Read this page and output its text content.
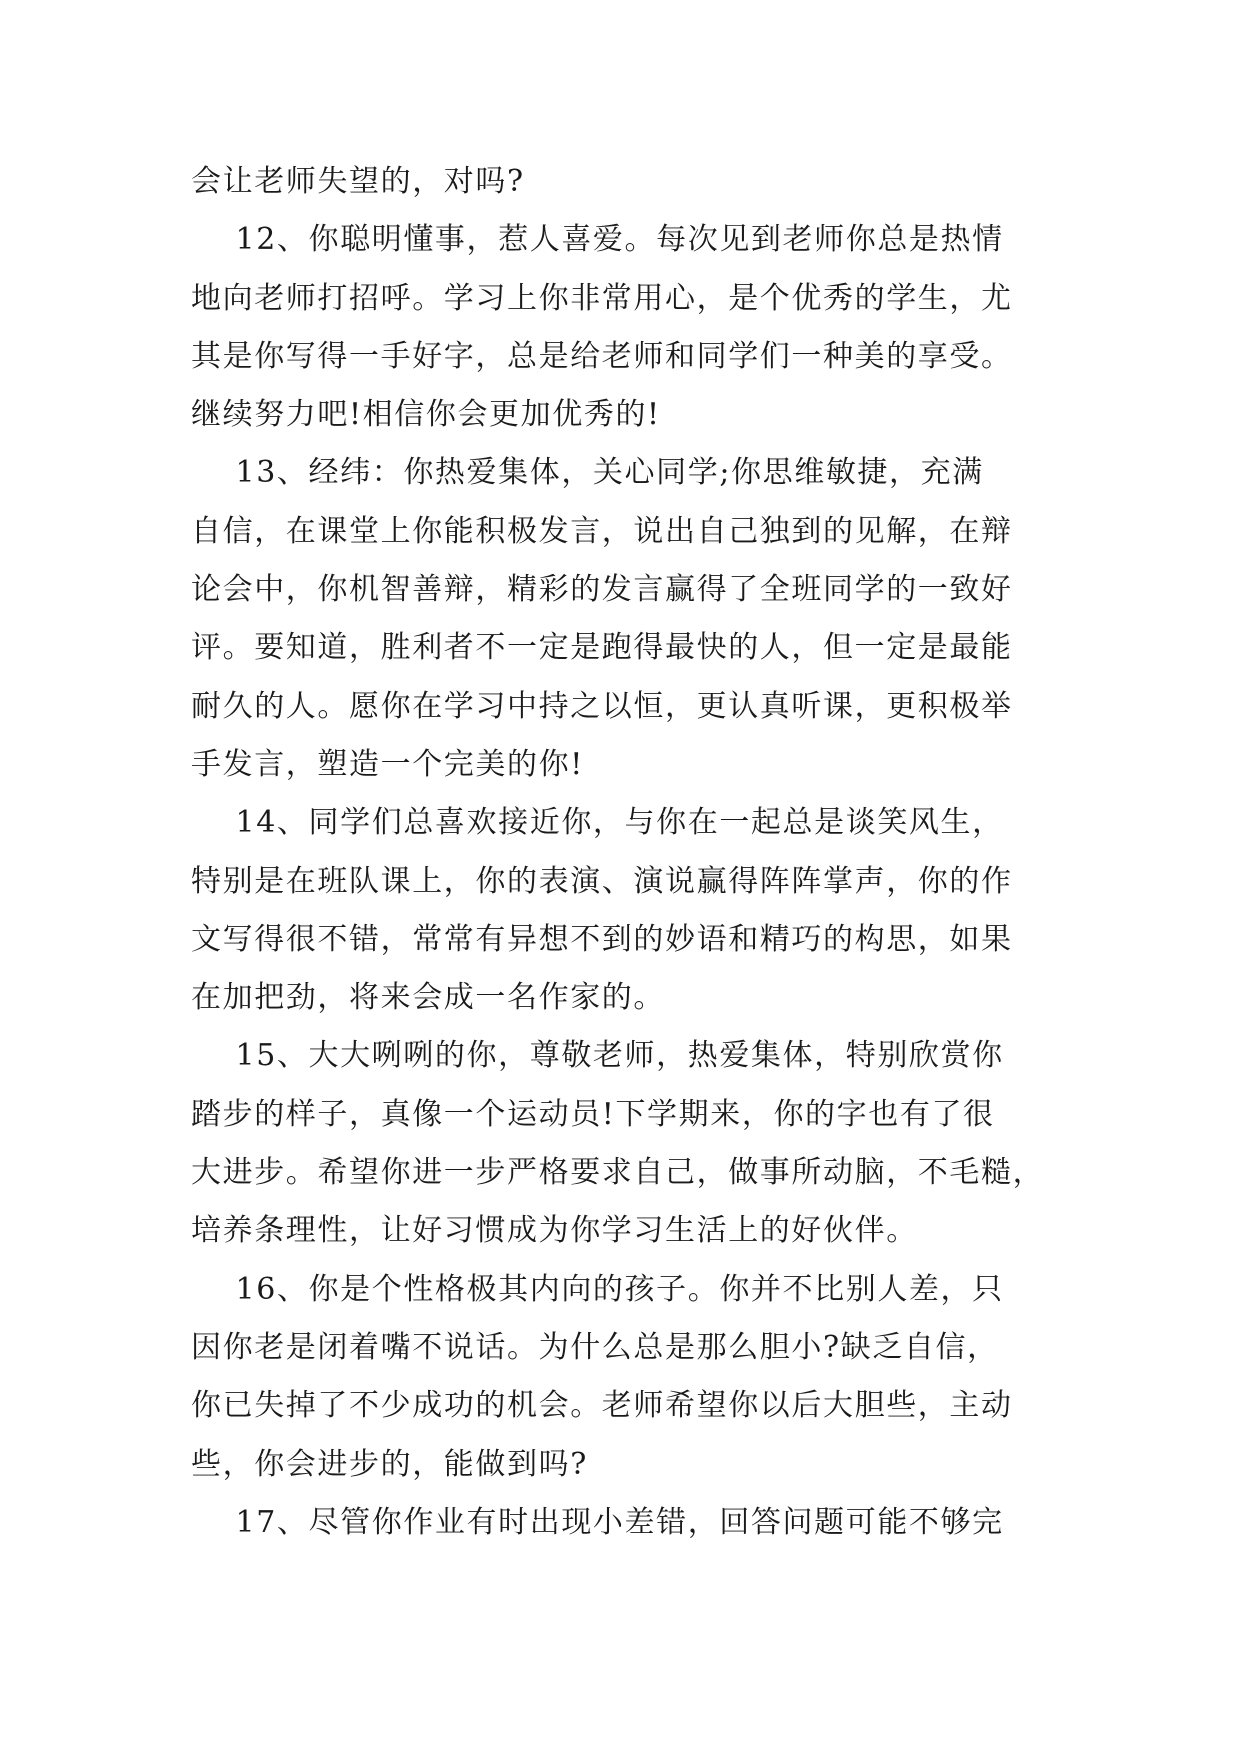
会让老师失望的，对吗?
12、你聪明懂事，惹人喜爱。每次见到老师你总是热情
地向老师打招呼。学习上你非常用心，是个优秀的学生，尤
其是你写得一手好字，总是给老师和同学们一种美的享受。
继续努力吧!相信你会更加优秀的!
13、经纬：你热爱集体，关心同学;你思维敏捷，充满
自信，在课堂上你能积极发言，说出自己独到的见解，在辩
论会中，你机智善辩，精彩的发言赢得了全班同学的一致好
评。要知道，胜利者不一定是跑得最快的人，但一定是最能
耐久的人。愿你在学习中持之以恒，更认真听课，更积极举
手发言，塑造一个完美的你!
14、同学们总喜欢接近你，与你在一起总是谈笑风生，
特别是在班队课上，你的表演、演说赢得阵阵掌声，你的作
文写得很不错，常常有异想不到的妙语和精巧的构思，如果
在加把劲，将来会成一名作家的。
15、大大咧咧的你，尊敬老师，热爱集体，特别欣赏你
踏步的样子，真像一个运动员!下学期来，你的字也有了很
大进步。希望你进一步严格要求自己，做事所动脑，不毛糙，
培养条理性，让好习惯成为你学习生活上的好伙伴。
16、你是个性格极其内向的孩子。你并不比别人差，只
因你老是闭着嘴不说话。为什么总是那么胆小?缺乏自信，
你已失掉了不少成功的机会。老师希望你以后大胆些，主动
些，你会进步的，能做到吗?
17、尽管你作业有时出现小差错，回答问题可能不够完
